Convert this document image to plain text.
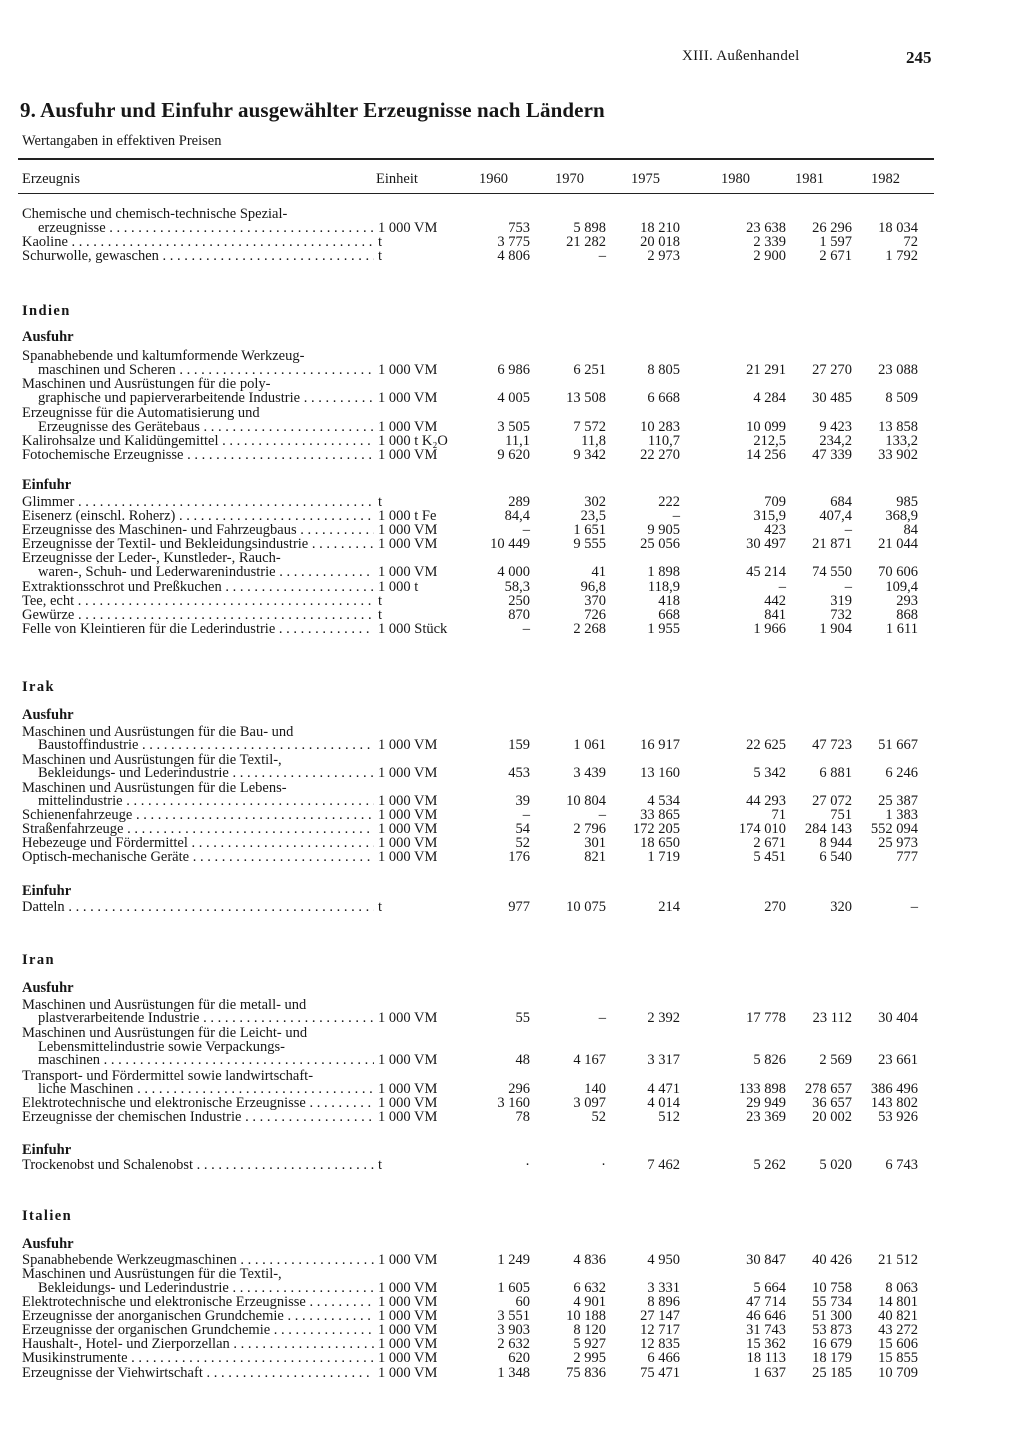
XIII. Außenhandel	245
9. Ausfuhr und Einfuhr ausgewählter Erzeugnisse nach Ländern
Wertangaben in effektiven Preisen
Erzeugnis	Einheit	1960	1970	1975	1980	1981	1982
Chemische und chemisch-technische Spezial-
erzeugnisse . . .	1 000 VM	753	5 898	18 210	23 638	26 296	18 034
Kaoline . . .	t	3 775	21 282	20 018	2 339	1 597	72
Schurwolle, gewaschen . . .	t	4 806	–	2 973	2 900	2 671	1 792
Indien
Ausfuhr
Spanabhebende und kaltumformende Werkzeug-
maschinen und Scheren . . .	1 000 VM	6 986	6 251	8 805	21 291	27 270	23 088
Maschinen und Ausrüstungen für die poly-
graphische und papierverarbeitende Industrie . . .	1 000 VM	4 005	13 508	6 668	4 284	30 485	8 509
Erzeugnisse für die Automatisierung und
Erzeugnisse des Gerätebaus . . .	1 000 VM	3 505	7 572	10 283	10 099	9 423	13 858
Kalirohsalze und Kalidüngemittel . . .	1 000 t K₂O	11,1	11,8	110,7	212,5	234,2	133,2
Fotochemische Erzeugnisse . . .	1 000 VM	9 620	9 342	22 270	14 256	47 339	33 902
Einfuhr
Glimmer . . .	t	289	302	222	709	684	985
Eisenerz (einschl. Roherz) . . .	1 000 t Fe	84,4	23,5	–	315,9	407,4	368,9
Erzeugnisse des Maschinen- und Fahrzeugbaus . . .	1 000 VM	–	1 651	9 905	423	–	84
Erzeugnisse der Textil- und Bekleidungsindustrie . . .	1 000 VM	10 449	9 555	25 056	30 497	21 871	21 044
Erzeugnisse der Leder-, Kunstleder-, Rauch-
waren-, Schuh- und Lederwarenindustrie . . .	1 000 VM	4 000	41	1 898	45 214	74 550	70 606
Extraktionsschrot und Preßkuchen . . .	1 000 t	58,3	96,8	118,9	–	–	109,4
Tee, echt . . .	t	250	370	418	442	319	293
Gewürze . . .	t	870	726	668	841	732	868
Felle von Kleintieren für die Lederindustrie . . .	1 000 Stück	–	2 268	1 955	1 966	1 904	1 611
Irak
Ausfuhr
Maschinen und Ausrüstungen für die Bau- und
Baustoffindustrie . . .	1 000 VM	159	1 061	16 917	22 625	47 723	51 667
Maschinen und Ausrüstungen für die Textil-,
Bekleidungs- und Lederindustrie . . .	1 000 VM	453	3 439	13 160	5 342	6 881	6 246
Maschinen und Ausrüstungen für die Lebens-
mittelindustrie . . .	1 000 VM	39	10 804	4 534	44 293	27 072	25 387
Schienenfahrzeuge . . .	1 000 VM	–	–	33 865	71	751	1 383
Straßenfahrzeuge . . .	1 000 VM	54	2 796	172 205	174 010	284 143	552 094
Hebezeuge und Fördermittel . . .	1 000 VM	52	301	18 650	2 671	8 944	25 973
Optisch-mechanische Geräte . . .	1 000 VM	176	821	1 719	5 451	6 540	777
Einfuhr
Datteln . . .	t	977	10 075	214	270	320	–
Iran
Ausfuhr
Maschinen und Ausrüstungen für die metall- und
plastverarbeitende Industrie . . .	1 000 VM	55	–	2 392	17 778	23 112	30 404
Maschinen und Ausrüstungen für die Leicht- und
Lebensmittelindustrie sowie Verpackungs-
maschinen . . .	1 000 VM	48	4 167	3 317	5 826	2 569	23 661
Transport- und Fördermittel sowie landwirtschaft-
liche Maschinen . . .	1 000 VM	296	140	4 471	133 898	278 657	386 496
Elektrotechnische und elektronische Erzeugnisse . . .	1 000 VM	3 160	3 097	4 014	29 949	36 657	143 802
Erzeugnisse der chemischen Industrie . . .	1 000 VM	78	52	512	23 369	20 002	53 926
Einfuhr
Trockenobst und Schalenobst . . .	t	·	·	7 462	5 262	5 020	6 743
Italien
Ausfuhr
Spanabhebende Werkzeugmaschinen . . .	1 000 VM	1 249	4 836	4 950	30 847	40 426	21 512
Maschinen und Ausrüstungen für die Textil-,
Bekleidungs- und Lederindustrie . . .	1 000 VM	1 605	6 632	3 331	5 664	10 758	8 063
Elektrotechnische und elektronische Erzeugnisse . . .	1 000 VM	60	4 901	8 896	47 714	55 734	14 801
Erzeugnisse der anorganischen Grundchemie . . .	1 000 VM	3 551	10 188	27 147	46 646	51 300	40 821
Erzeugnisse der organischen Grundchemie . . .	1 000 VM	3 903	8 120	12 717	31 743	53 873	43 272
Haushalt-, Hotel- und Zierporzellan . . .	1 000 VM	2 632	5 927	12 835	15 362	16 679	15 606
Musikinstrumente . . .	1 000 VM	620	2 995	6 466	18 113	18 179	15 855
Erzeugnisse der Viehwirtschaft . . .	1 000 VM	1 348	75 836	75 471	1 637	25 185	10 709
